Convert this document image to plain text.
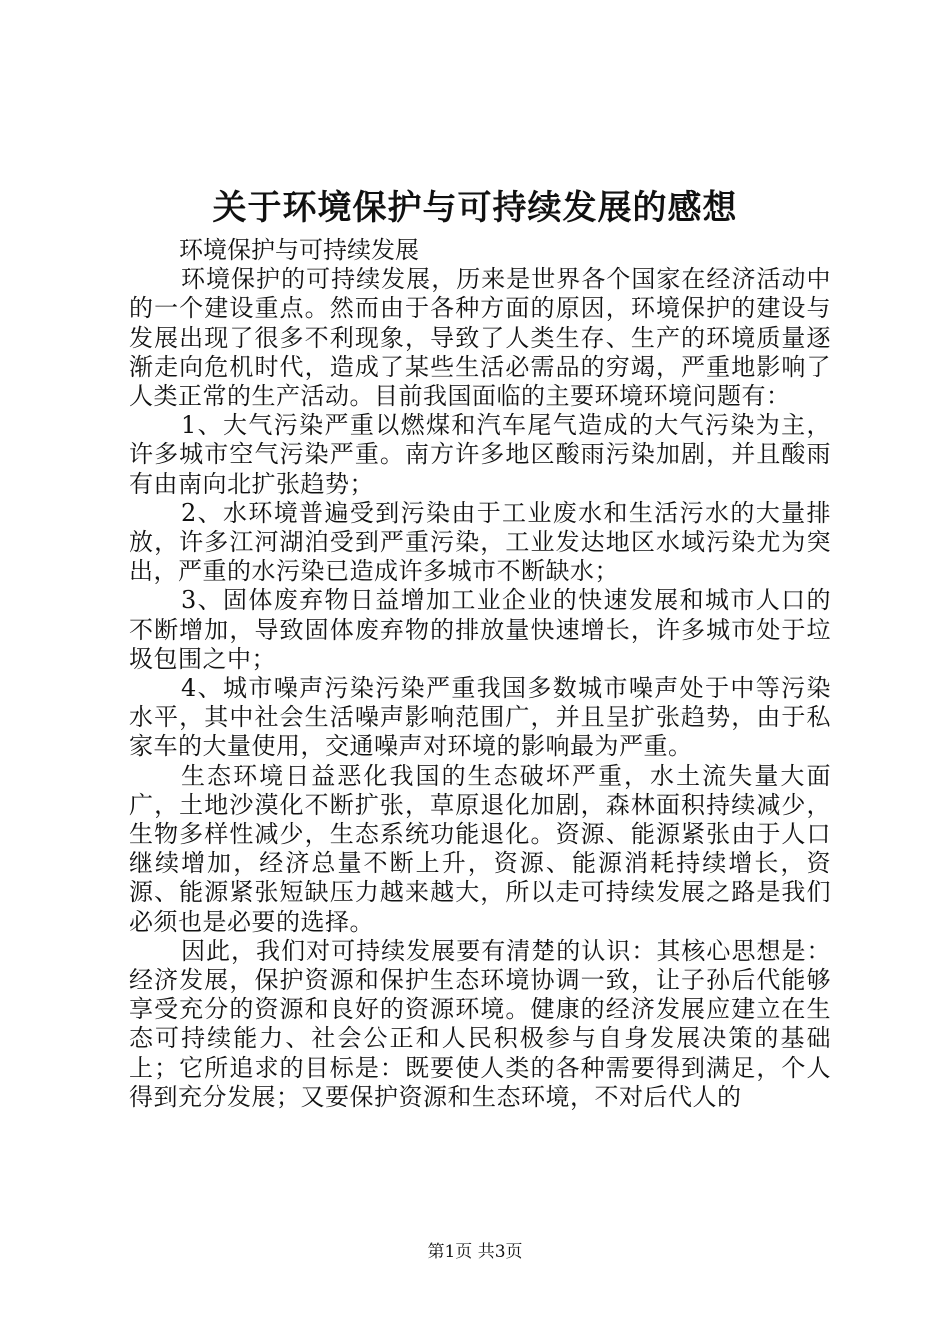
关于环境保护与可持续发展的感想

环境保护与可持续发展

环境保护的可持续发展，历来是世界各个国家在经济活动中的一个建设重点。然而由于各种方面的原因，环境保护的建设与发展出现了很多不利现象，导致了人类生存、生产的环境质量逐渐走向危机时代，造成了某些生活必需品的穷竭，严重地影响了人类正常的生产活动。目前我国面临的主要环境环境问题有：

1、大气污染严重以燃煤和汽车尾气造成的大气污染为主，许多城市空气污染严重。南方许多地区酸雨污染加剧，并且酸雨有由南向北扩张趋势；

2、水环境普遍受到污染由于工业废水和生活污水的大量排放，许多江河湖泊受到严重污染，工业发达地区水域污染尤为突出，严重的水污染已造成许多城市不断缺水；

3、固体废弃物日益增加工业企业的快速发展和城市人口的不断增加，导致固体废弃物的排放量快速增长，许多城市处于垃圾包围之中；

4、城市噪声污染污染严重我国多数城市噪声处于中等污染水平，其中社会生活噪声影响范围广，并且呈扩张趋势，由于私家车的大量使用，交通噪声对环境的影响最为严重。

生态环境日益恶化我国的生态破坏严重，水土流失量大面广，土地沙漠化不断扩张，草原退化加剧，森林面积持续减少，生物多样性减少，生态系统功能退化。资源、能源紧张由于人口继续增加，经济总量不断上升，资源、能源消耗持续增长，资源、能源紧张短缺压力越来越大，所以走可持续发展之路是我们必须也是必要的选择。

因此，我们对可持续发展要有清楚的认识：其核心思想是：经济发展，保护资源和保护生态环境协调一致，让子孙后代能够享受充分的资源和良好的资源环境。健康的经济发展应建立在生态可持续能力、社会公正和人民积极参与自身发展决策的基础上；它所追求的目标是：既要使人类的各种需要得到满足，个人得到充分发展；又要保护资源和生态环境，不对后代人的

第1页 共3页
